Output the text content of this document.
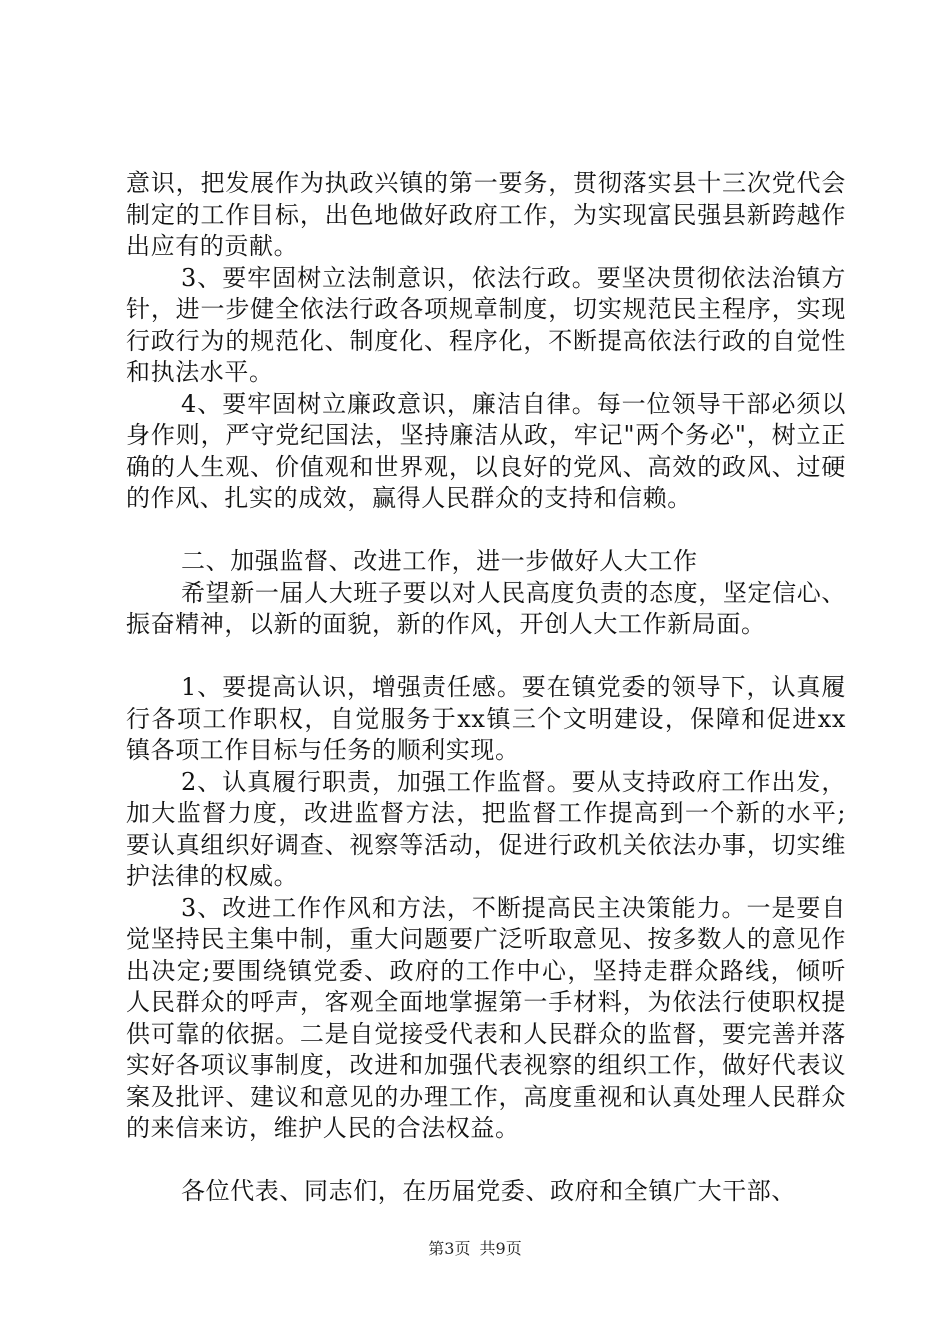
意识，把发展作为执政兴镇的第一要务，贯彻落实县十三次党代会制定的工作目标，出色地做好政府工作，为实现富民强县新跨越作出应有的贡献。

3、要牢固树立法制意识，依法行政。要坚决贯彻依法治镇方针，进一步健全依法行政各项规章制度，切实规范民主程序，实现行政行为的规范化、制度化、程序化，不断提高依法行政的自觉性和执法水平。

4、要牢固树立廉政意识，廉洁自律。每一位领导干部必须以身作则，严守党纪国法，坚持廉洁从政，牢记"两个务必"，树立正确的人生观、价值观和世界观，以良好的党风、高效的政风、过硬的作风、扎实的成效，赢得人民群众的支持和信赖。

二、加强监督、改进工作，进一步做好人大工作

希望新一届人大班子要以对人民高度负责的态度，坚定信心、振奋精神，以新的面貌，新的作风，开创人大工作新局面。

1、要提高认识，增强责任感。要在镇党委的领导下，认真履行各项工作职权，自觉服务于xx镇三个文明建设，保障和促进xx镇各项工作目标与任务的顺利实现。

2、认真履行职责，加强工作监督。要从支持政府工作出发，加大监督力度，改进监督方法，把监督工作提高到一个新的水平;要认真组织好调查、视察等活动，促进行政机关依法办事，切实维护法律的权威。

3、改进工作作风和方法，不断提高民主决策能力。一是要自觉坚持民主集中制，重大问题要广泛听取意见、按多数人的意见作出决定;要围绕镇党委、政府的工作中心，坚持走群众路线，倾听人民群众的呼声，客观全面地掌握第一手材料，为依法行使职权提供可靠的依据。二是自觉接受代表和人民群众的监督，要完善并落实好各项议事制度，改进和加强代表视察的组织工作，做好代表议案及批评、建议和意见的办理工作，高度重视和认真处理人民群众的来信来访，维护人民的合法权益。

各位代表、同志们，在历届党委、政府和全镇广大干部、

第3页 共9页
